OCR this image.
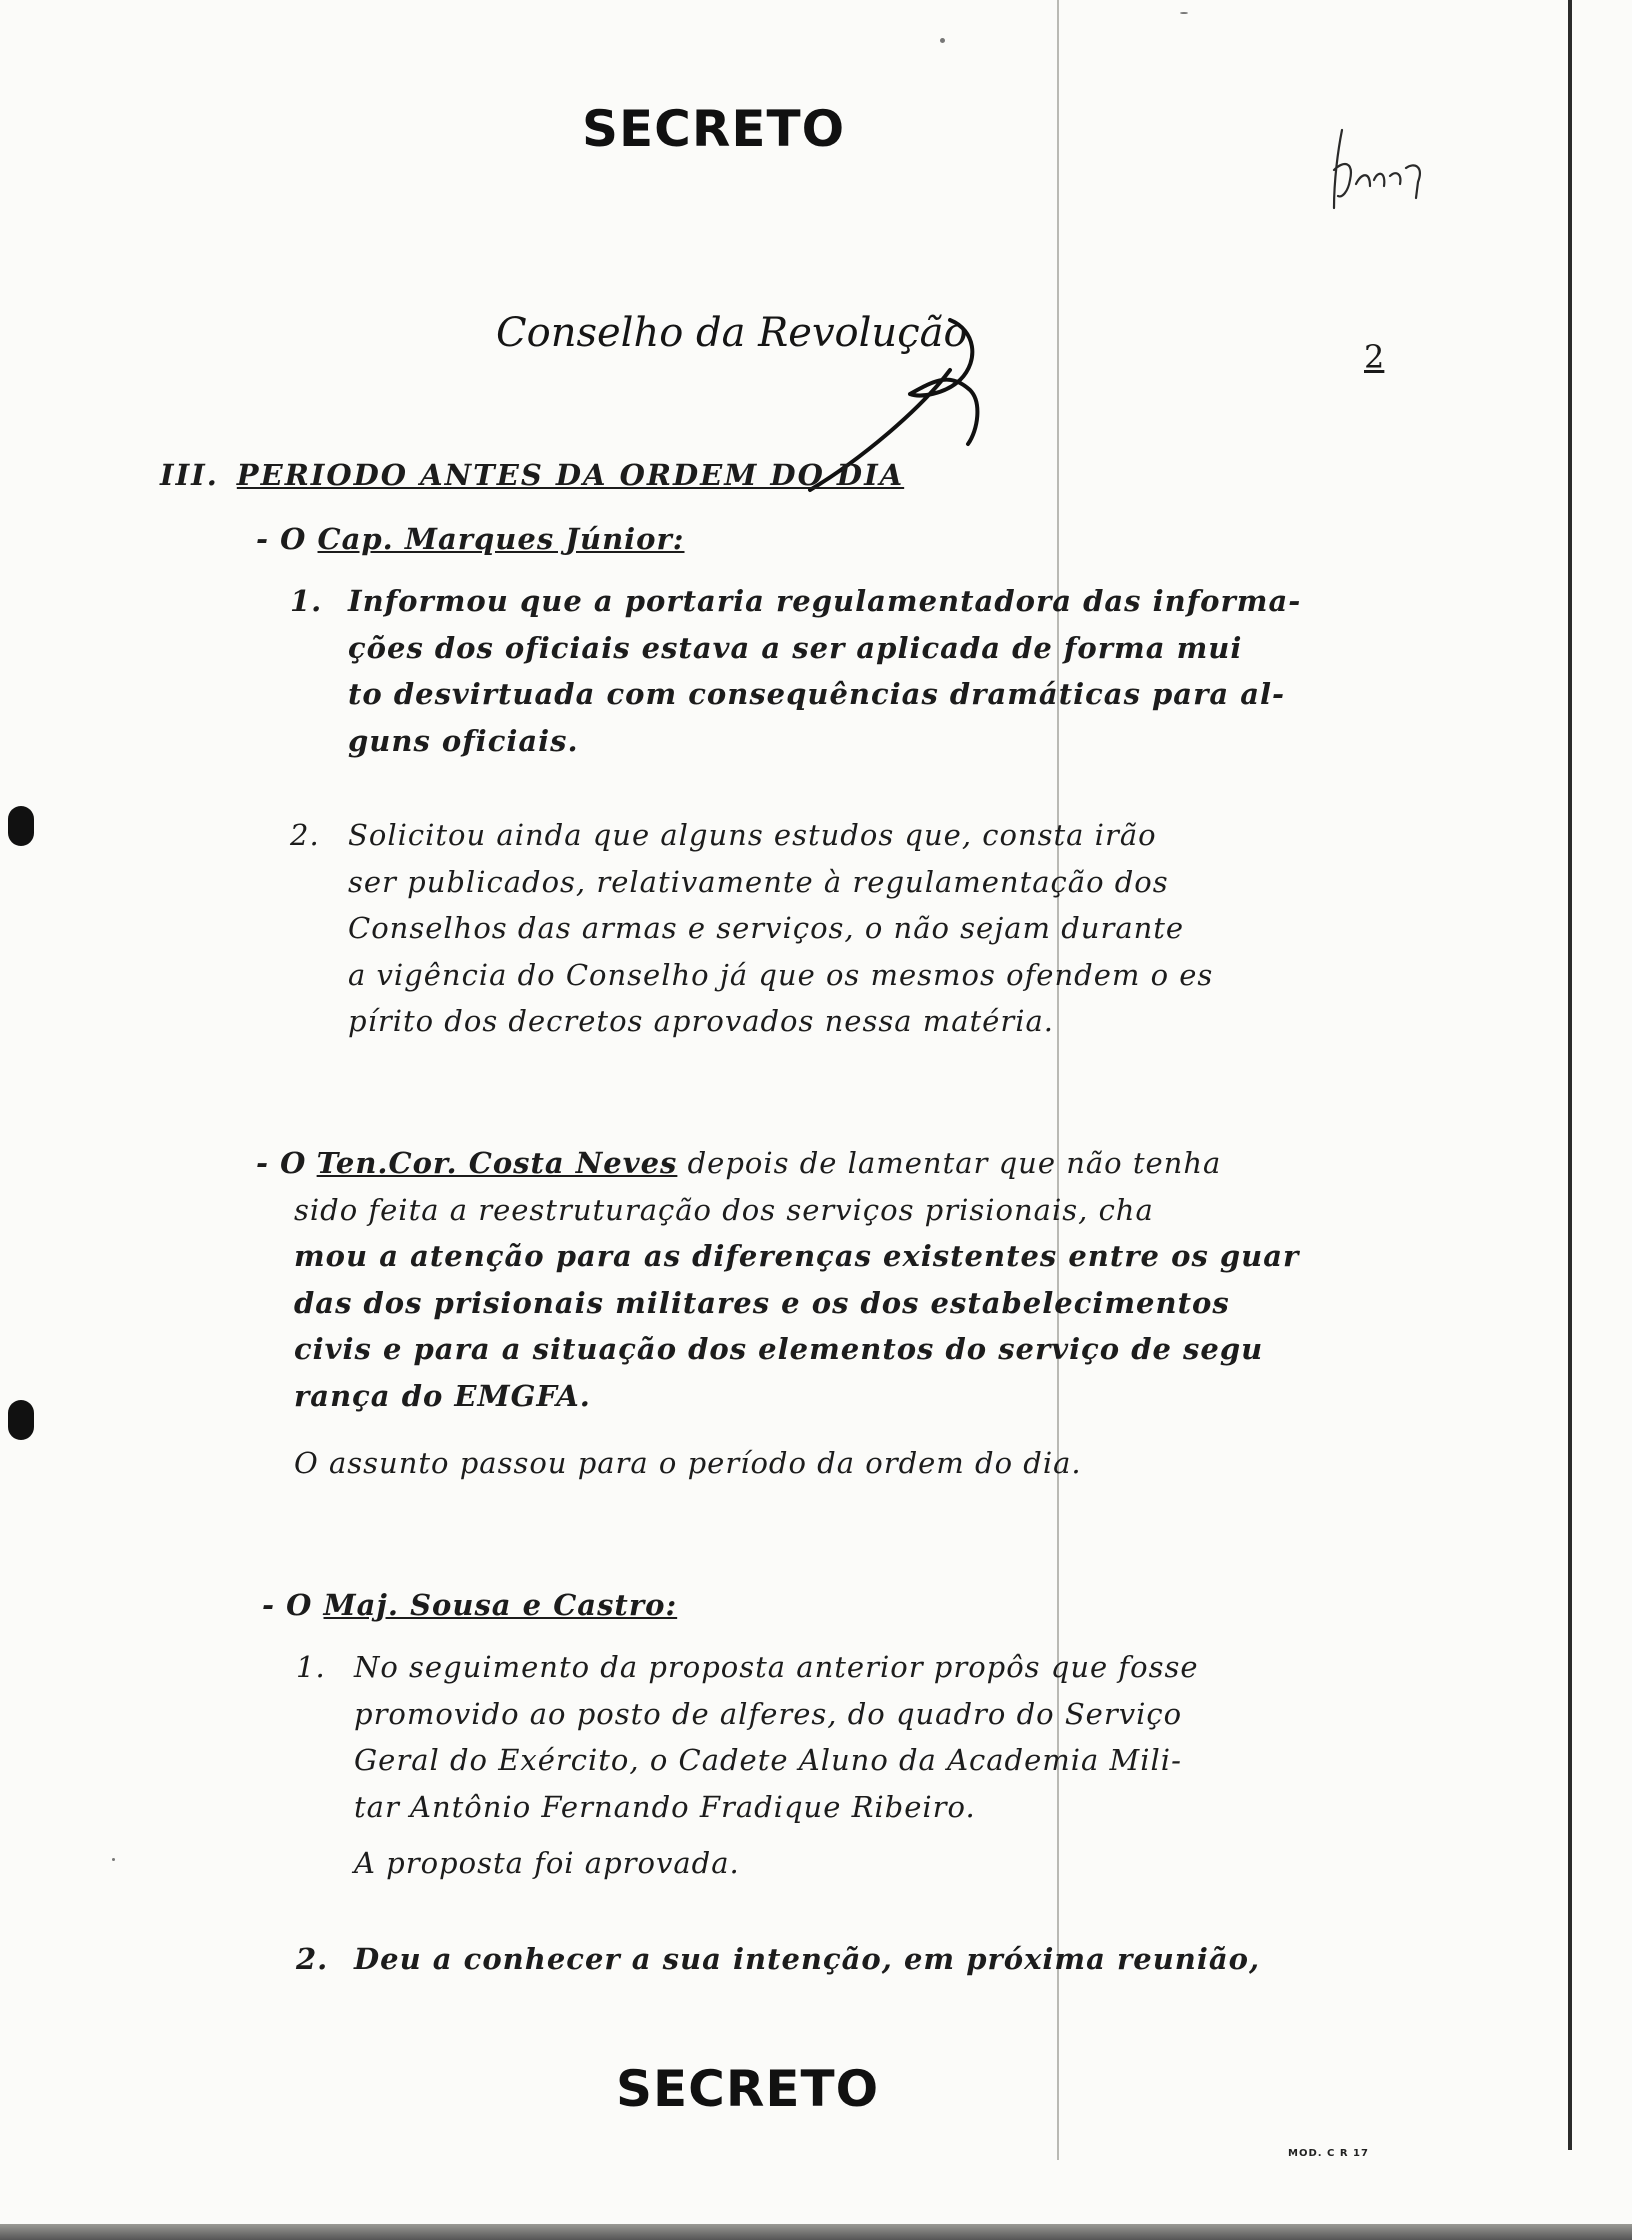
SECRETO
Conselho da Revolução
2
III. PERIODO ANTES DA ORDEM DO DIA
- O Cap. Marques Júnior:
1. Informou que a portaria regulamentadora das informa-
ções dos oficiais estava a ser aplicada de forma mui
to desvirtuada com consequências dramáticas para al-
guns oficiais.
2. Solicitou ainda que alguns estudos que, consta irão
ser publicados, relativamente à regulamentação dos
Conselhos das armas e serviços, o não sejam durante
a vigência do Conselho já que os mesmos ofendem o es
pírito dos decretos aprovados nessa matéria.
- O Ten.Cor. Costa Neves depois de lamentar que não tenha
sido feita a reestruturação dos serviços prisionais, cha
mou a atenção para as diferenças existentes entre os guar
das dos prisionais militares e os dos estabelecimentos
civis e para a situação dos elementos do serviço de segu
rança do EMGFA.
O assunto passou para o período da ordem do dia.
- O Maj. Sousa e Castro:
1. No seguimento da proposta anterior propôs que fosse
promovido ao posto de alferes, do quadro do Serviço
Geral do Exército, o Cadete Aluno da Academia Mili-
tar Antônio Fernando Fradique Ribeiro.
A proposta foi aprovada.
2. Deu a conhecer a sua intenção, em próxima reunião,
SECRETO
MOD. C R 17
